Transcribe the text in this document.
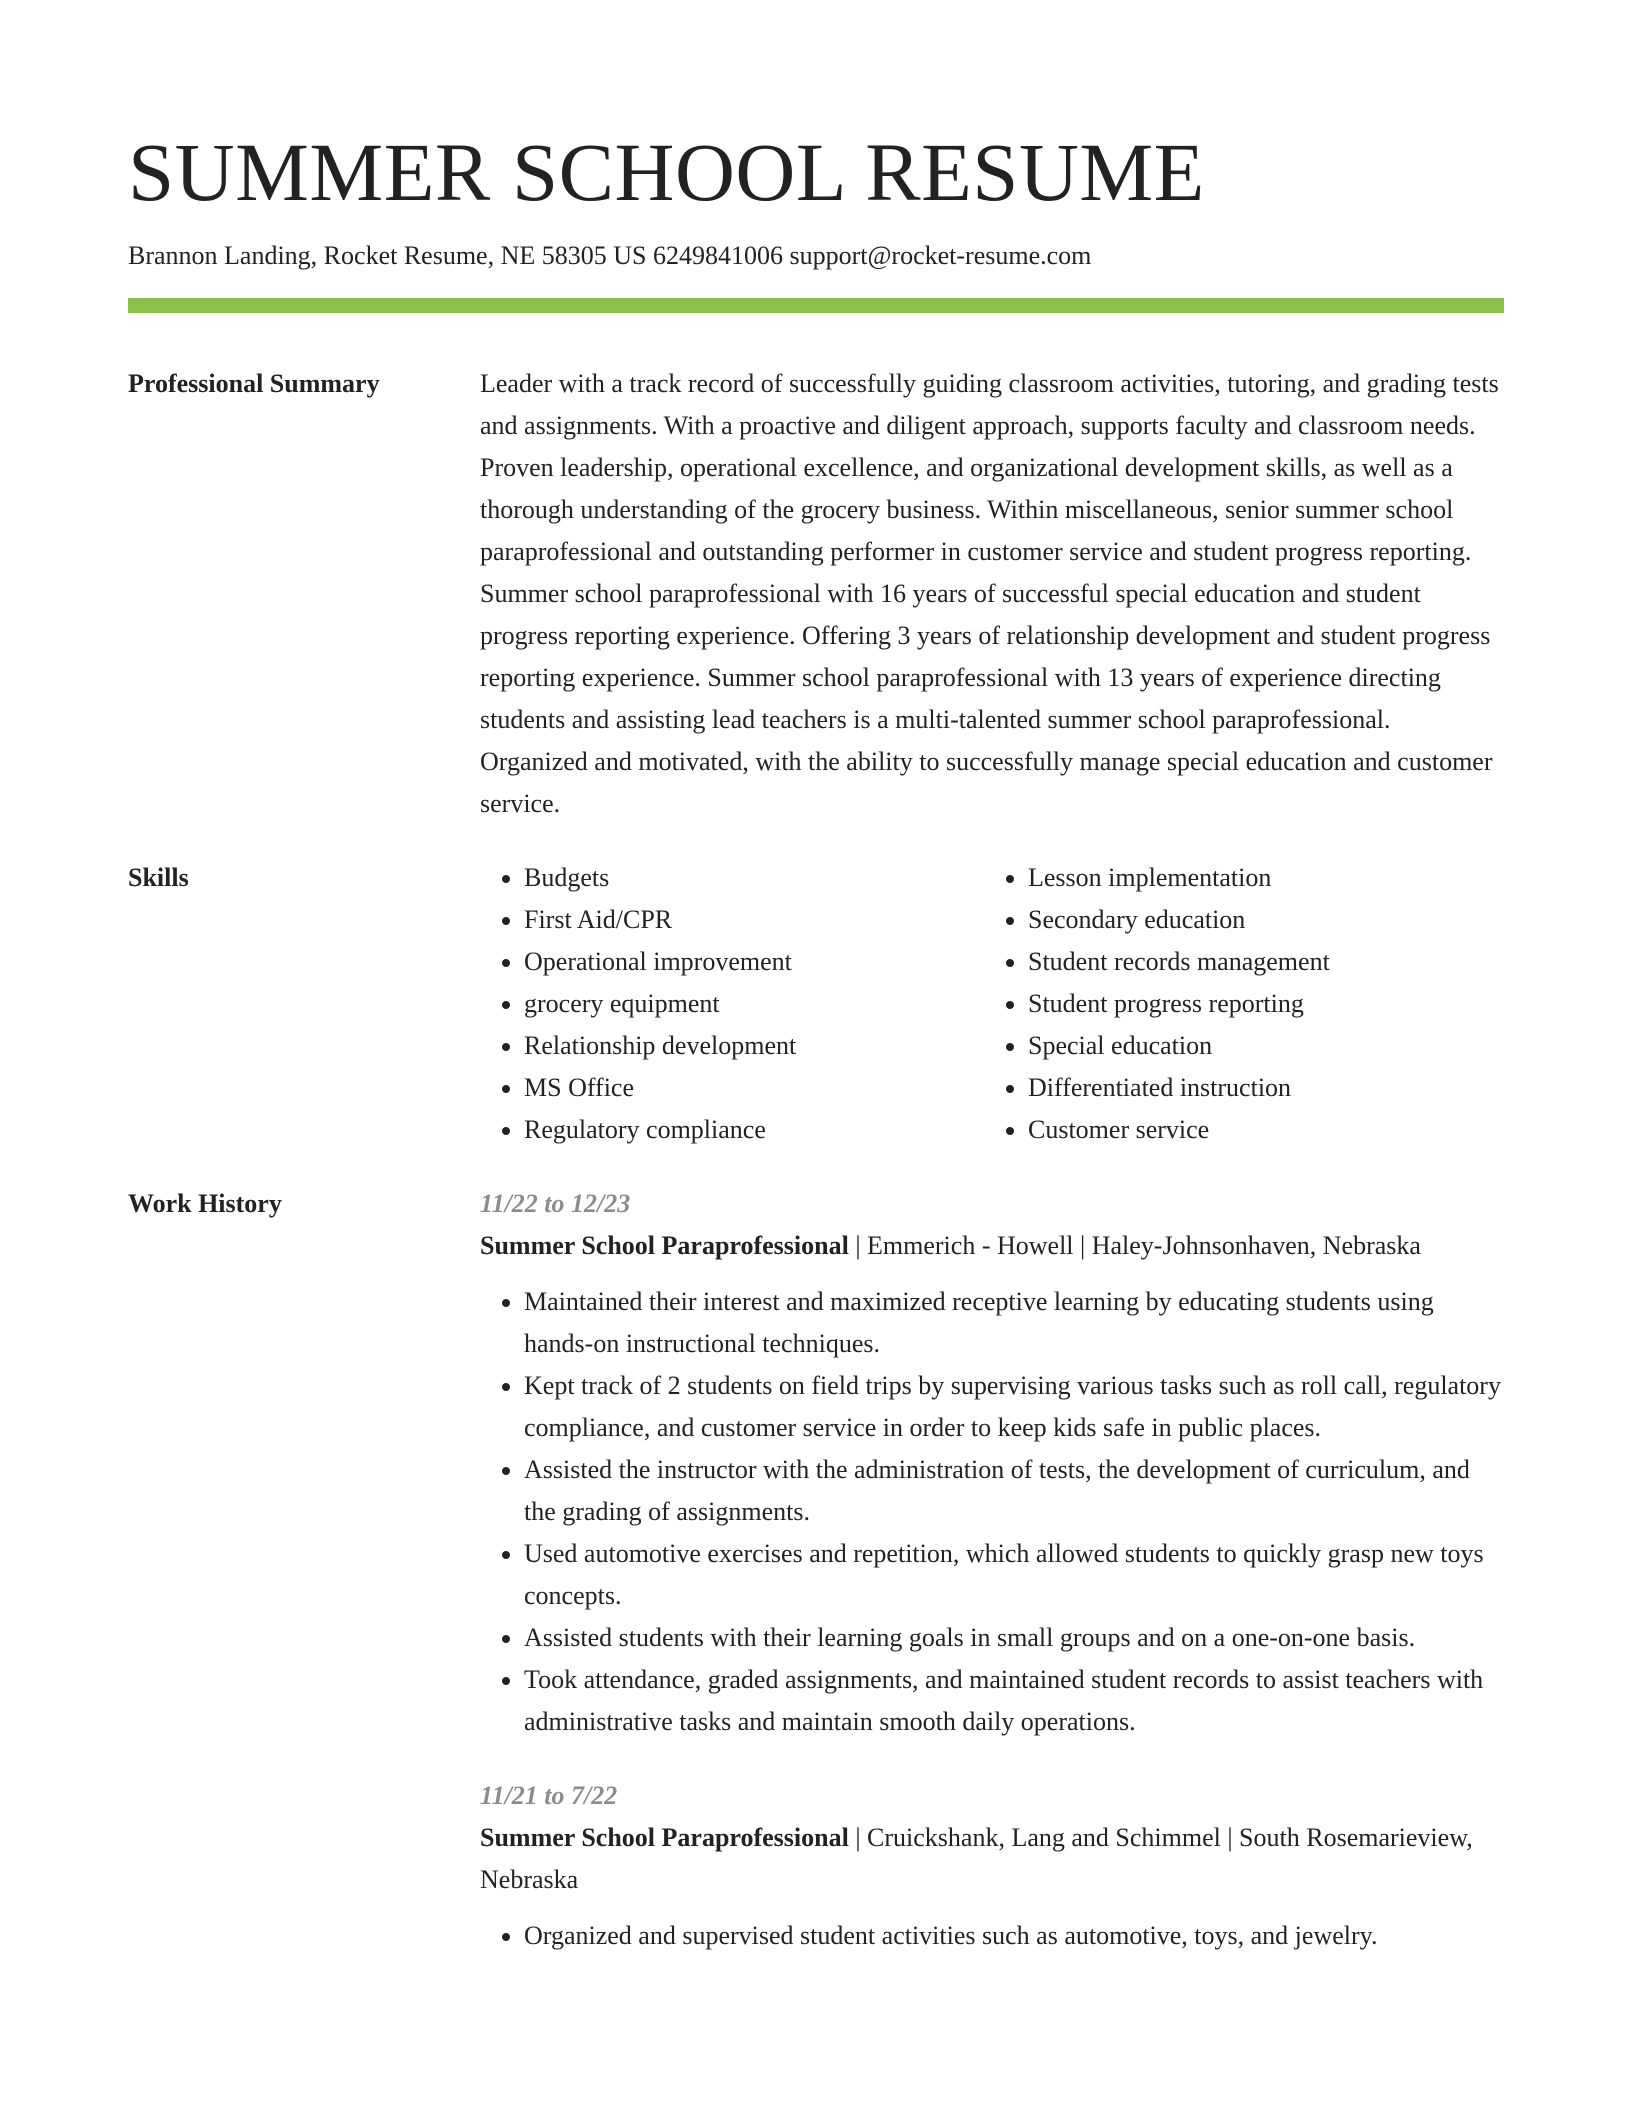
SUMMER SCHOOL RESUME
Brannon Landing, Rocket Resume, NE 58305 US 6249841006 support@rocket-resume.com
Professional Summary	Leader with a track record of successfully guiding classroom activities, tutoring, and grading tests and assignments. With a proactive and diligent approach, supports faculty and classroom needs. Proven leadership, operational excellence, and organizational development skills, as well as a thorough understanding of the grocery business. Within miscellaneous, senior summer school paraprofessional and outstanding performer in customer service and student progress reporting. Summer school paraprofessional with 16 years of successful special education and student progress reporting experience. Offering 3 years of relationship development and student progress reporting experience. Summer school paraprofessional with 13 years of experience directing students and assisting lead teachers is a multi-talented summer school paraprofessional. Organized and motivated, with the ability to successfully manage special education and customer service.

Skills
•	Budgets
• First Aid/CPR
• Operational improvement
• grocery equipment
• Relationship development
• MS Office
• Regulatory compliance
• Lesson implementation
• Secondary education
• Student records management
• Student progress reporting
• Special education
• Differentiated instruction
• Customer service
Work History	11/22 to 12/23

Summer School Paraprofessional | Emmerich - Howell | Haley-Johnsonhaven, Nebraska

• Maintained their interest and maximized receptive learning by educating students using hands-on instructional techniques.
• Kept track of 2 students on field trips by supervising various tasks such as roll call, regulatory compliance, and customer service in order to keep kids safe in public places.
• Assisted the instructor with the administration of tests, the development of curriculum, and the grading of assignments.
• Used automotive exercises and repetition, which allowed students to quickly grasp new toys concepts.
• Assisted students with their learning goals in small groups and on a one-on-one basis.
• Took attendance, graded assignments, and maintained student records to assist teachers with administrative tasks and maintain smooth daily operations.
11/21 to 7/22

Summer School Paraprofessional | Cruickshank, Lang and Schimmel | South Rosemarieview, Nebraska

• Organized and supervised student activities such as automotive, toys, and jewelry.
